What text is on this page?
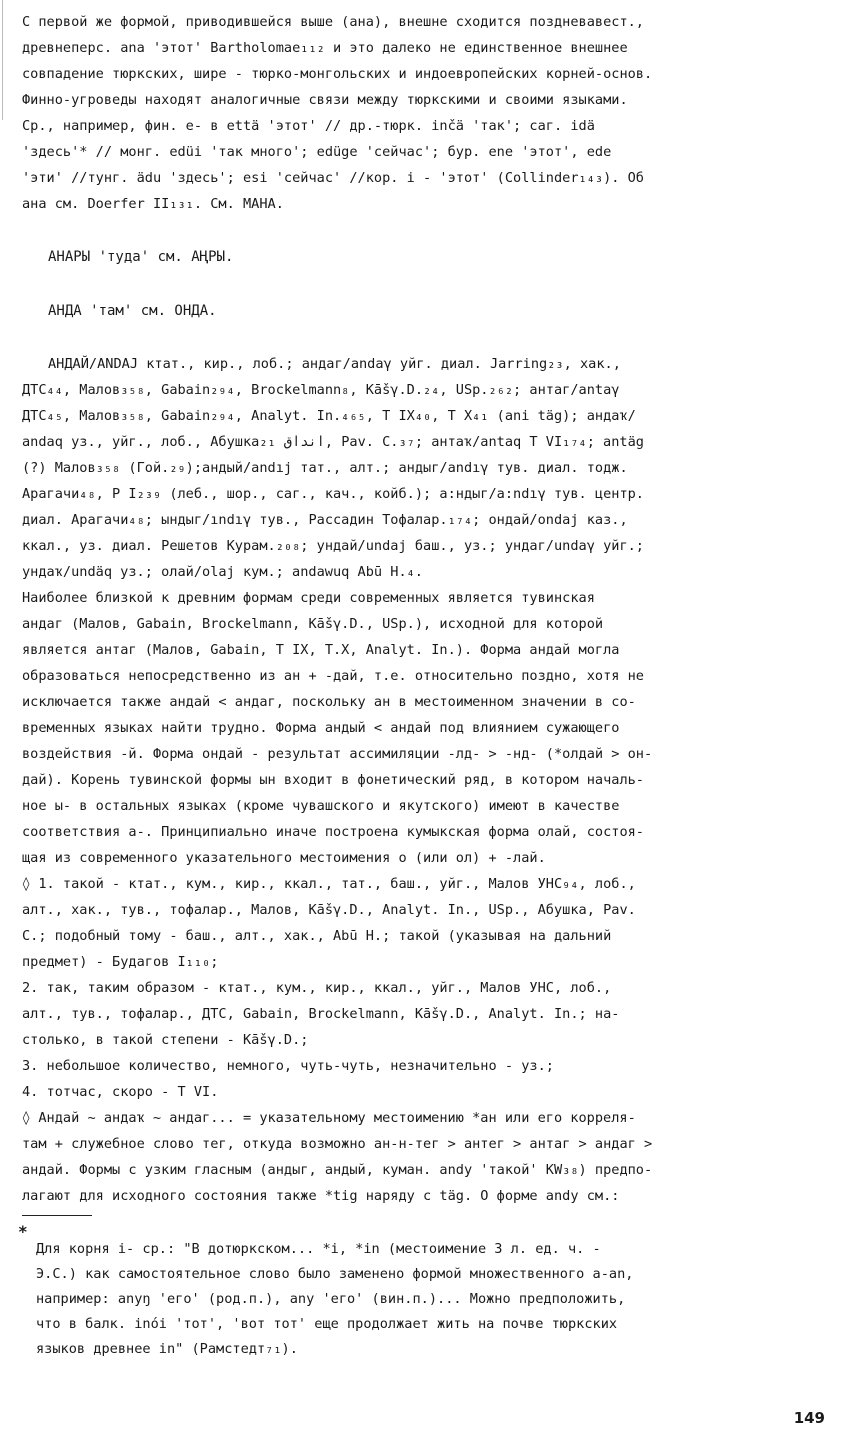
С первой же формой, приводившейся выше (ана), внешне сходится поздневавест.,
древнеперс. ana 'этот' Bartholomae₁₁₂ и это далеко не единственное внешнее
совпадение тюркских, шире - тюрко-монгольских и индоевропейских корней-основ.
Финно-угроведы находят аналогичные связи между тюркскими и своими языками.
Ср., например, фин. e- в että 'этот' // др.-тюрк. inčä 'так'; саг. idä
'здесь'* // монг. edüi 'так много'; edüge 'сейчас'; бур. ene 'этот', ede
'эти' //тунг. ädu 'здесь'; esi 'сейчас' //кор. i - 'этот' (Collinder₁₄₃). Об
ана см. Doerfer II₁₃₁. См. МАНА.
АНАРЫ 'туда' см. АҢРЫ.
АНДА 'там' см. ОНДА.
АНДАЙ/ANDAJ ктат., кир., лоб.; андаг/andaγ уйг. диал. Jarring₂₃, хак.,
ДТС₄₄, Малов₃₅₈, Gabain₂₉₄, Brockelmann₈, Kāšγ.D.₂₄, USp.₂₆₂; антаг/antaγ
ДТС₄₅, Малов₃₅₈, Gabain₂₉₄, Analyt. In.₄₆₅, T IX₄₀, T X₄₁ (ani täg); андаҡ/
andaq уз., уйг., лоб., Абушка₂₁ انداق, Pav. C.₃₇; антаҡ/antaq T VI₁₇₄; antäg
(?) Малов₃₅₈ (Гой.₂₉);андый/andıj тат., алт.; андыг/andıγ тув. диал. тодж.
Арагачи₄₈, Р I₂₃₉ (леб., шор., саг., кач., койб.); а:ндыг/a:ndıγ тув. центр.
диал. Арагачи₄₈; ындыг/ındıγ тув., Рассадин Тофалар.₁₇₄; ондай/ondaj каз.,
ккал., уз. диал. Решетов Курам.₂₀₈; ундай/undaj баш., уз.; ундаг/undaγ уйг.;
ундаҡ/undäq уз.; олай/olaj кум.; andawuq Abū H.₄.
Наиболее близкой к древним формам среди современных является тувинская
андаг (Малов, Gabain, Brockelmann, Kāšγ.D., USp.), исходной для которой
является антаг (Малов, Gabain, T IX, T.X, Analyt. In.). Форма андай могла
образоваться непосредственно из ан + -дай, т.е. относительно поздно, хотя не
исключается также андай < андаг, поскольку ан в местоименном значении в со-
временных языках найти трудно. Форма андый < андай под влиянием сужающего
воздействия -й. Форма ондай - результат ассимиляции -лд- > -нд- (*олдай > он-
дай). Корень тувинской формы ын входит в фонетический ряд, в котором началь-
ное ы- в остальных языках (кроме чувашского и якутского) имеют в качестве
соответствия а-. Принципиально иначе построена кумыкская форма олай, состоя-
щая из современного указательного местоимения о (или ол) + -лай.
◊ 1. такой - ктат., кум., кир., ккал., тат., баш., уйг., Малов УНС₉₄, лоб.,
алт., хак., тув., тофалар., Малов, Kāšγ.D., Analyt. In., USp., Абушка, Pav.
C.; подобный тому - баш., алт., хак., Abū H.; такой (указывая на дальний
предмет) - Будагов I₁₁₀;
2. так, таким образом - ктат., кум., кир., ккал., уйг., Малов УНС, лоб.,
алт., тув., тофалар., ДТС, Gabain, Brockelmann, Kāšγ.D., Analyt. In.; на-
столько, в такой степени - Kāšγ.D.;
3. небольшое количество, немного, чуть-чуть, незначительно - уз.;
4. тотчас, скоро - T VI.
◊ Андай ~ андаҡ ~ андаг... = указательному местоимению *ан или его корреля-
там + служебное слово тег, откуда возможно ан-н-тег > антег > антаг > андаг >
андай. Формы с узким гласным (андыг, андый, куман. andy 'такой' KW₃₈) предпо-
лагают для исходного состояния также *tig наряду с täg. О форме andy см.:
*
Для корня i- ср.: "В дотюркском... *i, *in (местоимение 3 л. ед. ч. -
Э.С.) как самостоятельное слово было заменено формой множественного a-an,
например: anуŋ 'его' (род.п.), any 'его' (вин.п.)... Можно предположить,
что в балк. inói 'тот', 'вот тот' еще продолжает жить на почве тюркских
языков древнее in" (Рамстедт₇₁).
149
